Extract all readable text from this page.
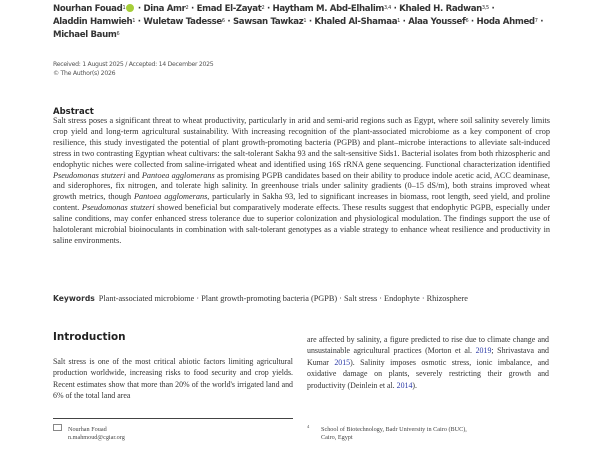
Nourhan Fouad$^1$ · Dina Amr$^2$ · Emad El-Zayat$^2$ · Haytham M. Abd-Elhalim$^{3,4}$ · Khaled H. Radwan$^{3,5}$ ·
Aladdin Hamwieh$^1$ · Wuletaw Tadesse$^6$ · Sawsan Tawkaz$^1$ · Khaled Al-Shamaa$^1$ · Alaa Youssef$^6$ · Hoda Ahmed$^7$ ·
Michael Baum$^6$
Received: 1 August 2025 / Accepted: 14 December 2025
© The Author(s) 2026
Abstract
Salt stress poses a significant threat to wheat productivity, particularly in arid and semi-arid regions such as Egypt, where soil salinity severely limits crop yield and long-term agricultural sustainability. With increasing recognition of the plant-associated microbiome as a key component of crop resilience, this study investigated the potential of plant growth-promoting bacteria (PGPB) and plant–microbe interactions to alleviate salt-induced stress in two contrasting Egyptian wheat cultivars: the salt-tolerant Sakha 93 and the salt-sensitive Sids1. Bacterial isolates from both rhizospheric and endophytic niches were collected from saline-irrigated wheat and identified using 16S rRNA gene sequencing. Functional characterization identified Pseudomonas stutzeri and Pantoea agglomerans as promising PGPB candidates based on their ability to produce indole acetic acid, ACC deaminase, and siderophores, fix nitrogen, and tolerate high salinity. In greenhouse trials under salinity gradients (0–15 dS/m), both strains improved wheat growth metrics, though Pantoea agglomerans, particularly in Sakha 93, led to significant increases in biomass, root length, seed yield, and proline content. Pseudomonas stutzeri showed beneficial but comparatively moderate effects. These results suggest that endophytic PGPB, especially under saline conditions, may confer enhanced stress tolerance due to superior colonization and physiological modulation. The findings support the use of halotolerant microbial bioinoculants in combination with salt-tolerant genotypes as a viable strategy to enhance wheat resilience and productivity in saline environments.
Keywords Plant-associated microbiome · Plant growth-promoting bacteria (PGPB) · Salt stress · Endophyte · Rhizosphere
Introduction
Salt stress is one of the most critical abiotic factors limiting agricultural production worldwide, increasing risks to food security and crop yields. Recent estimates show that more than 20% of the world's irrigated land and 6% of the total land area
are affected by salinity, a figure predicted to rise due to climate change and unsustainable agricultural practices (Morton et al. 2019; Shrivastava and Kumar 2015). Salinity imposes osmotic stress, ionic imbalance, and oxidative damage on plants, severely restricting their growth and productivity (Deinlein et al. 2014).
Nourhan Fouad
n.mahmoud@cgiar.org
$^4$ School of Biotechnology, Badr University in Cairo (BUC),
Cairo, Egypt
